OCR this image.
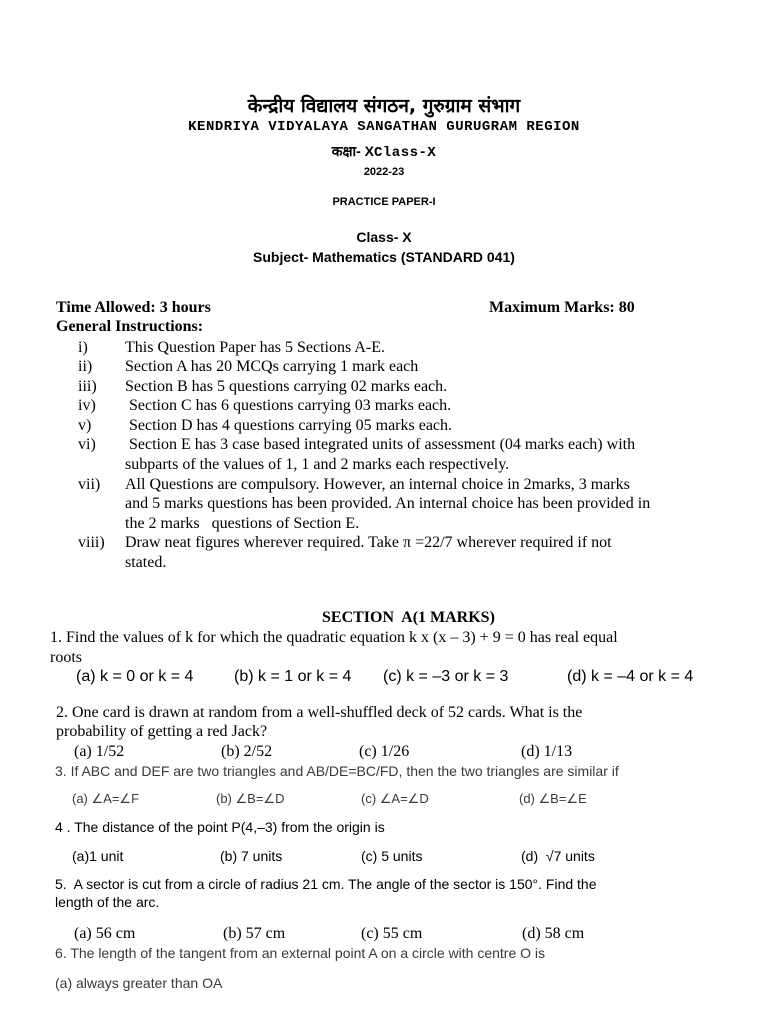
केन्द्रीय विद्यालय संगठन, गुरुग्राम संभाग
KENDRIYA VIDYALAYA SANGATHAN GURUGRAM REGION
कक्षा- XClass-X
2022-23
PRACTICE PAPER-I
Class- X
Subject- Mathematics (STANDARD 041)
Time Allowed: 3 hours	Maximum Marks: 80
General Instructions:
i) This Question Paper has 5 Sections A-E.
ii) Section A has 20 MCQs carrying 1 mark each
iii) Section B has 5 questions carrying 02 marks each.
iv) Section C has 6 questions carrying 03 marks each.
v) Section D has 4 questions carrying 05 marks each.
vi) Section E has 3 case based integrated units of assessment (04 marks each) with
subparts of the values of 1, 1 and 2 marks each respectively.
vii) All Questions are compulsory. However, an internal choice in 2marks, 3 marks
and 5 marks questions has been provided. An internal choice has been provided in
the 2 marks   questions of Section E.
viii) Draw neat figures wherever required. Take π =22/7 wherever required if not
stated.
SECTION  A(1 MARKS)
1. Find the values of k for which the quadratic equation k x (x – 3) + 9 = 0 has real equal
roots
(a) k = 0 or k = 4	(b) k = 1 or k = 4 (c) k = –3 or k = 3	(d) k = –4 or k = 4
2. One card is drawn at random from a well-shuffled deck of 52 cards. What is the
probability of getting a red Jack?
(a) 1/52	(b) 2/52	(c) 1/26	(d) 1/13
3. If ABC and DEF are two triangles and AB/DE=BC/FD, then the two triangles are similar if
(a) ∠A=∠F	(b) ∠B=∠D	(c) ∠A=∠D	(d) ∠B=∠E
4 . The distance of the point P(4,–3) from the origin is
(a)1 unit	(b) 7 units	(c) 5 units	(d)  √7 units
5.  A sector is cut from a circle of radius 21 cm. The angle of the sector is 150°. Find the
length of the arc.
(a) 56 cm	(b) 57 cm	(c) 55 cm	(d) 58 cm
6. The length of the tangent from an external point A on a circle with centre O is
(a) always greater than OA
